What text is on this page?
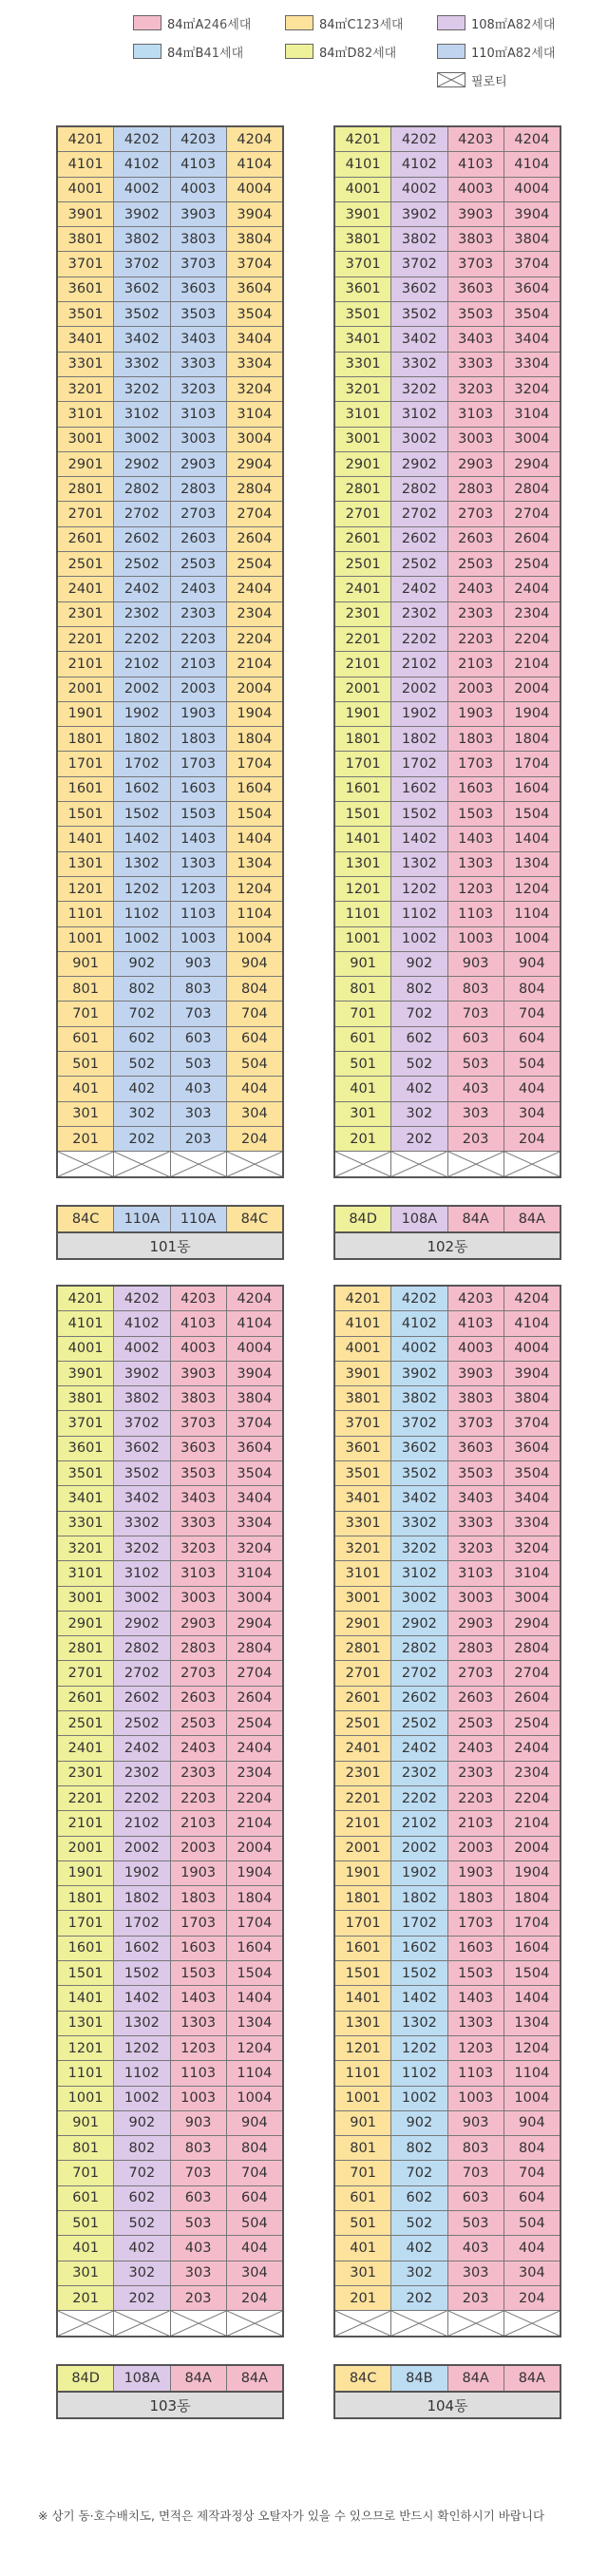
84㎡A 246세대	84㎡C 123세대	108㎡A 82세대
84㎡B 41세대	84㎡D 82세대	110㎡A 82세대
필로티
4201	4202	4203	4204
4101	4102	4103	4104
4001	4002	4003	4004
3901	3902	3903	3904
3801	3802	3803	3804
3701	3702	3703	3704
3601	3602	3603	3604
3501	3502	3503	3504
3401	3402	3403	3404
3301	3302	3303	3304
3201	3202	3203	3204
3101	3102	3103	3104
3001	3002	3003	3004
2901	2902	2903	2904
2801	2802	2803	2804
2701	2702	2703	2704
2601	2602	2603	2604
2501	2502	2503	2504
2401	2402	2403	2404
2301	2302	2303	2304
2201	2202	2203	2204
2101	2102	2103	2104
2001	2002	2003	2004
1901	1902	1903	1904
1801	1802	1803	1804
1701	1702	1703	1704
1601	1602	1603	1604
1501	1502	1503	1504
1401	1402	1403	1404
1301	1302	1303	1304
1201	1202	1203	1204
1101	1102	1103	1104
1001	1002	1003	1004
901	902	903	904
801	802	803	804
701	702	703	704
601	602	603	604
501	502	503	504
401	402	403	404
301	302	303	304
201	202	203	204
84C	110A	110A	84C
101동
4201	4202	4203	4204
4101	4102	4103	4104
4001	4002	4003	4004
3901	3902	3903	3904
3801	3802	3803	3804
3701	3702	3703	3704
3601	3602	3603	3604
3501	3502	3503	3504
3401	3402	3403	3404
3301	3302	3303	3304
3201	3202	3203	3204
3101	3102	3103	3104
3001	3002	3003	3004
2901	2902	2903	2904
2801	2802	2803	2804
2701	2702	2703	2704
2601	2602	2603	2604
2501	2502	2503	2504
2401	2402	2403	2404
2301	2302	2303	2304
2201	2202	2203	2204
2101	2102	2103	2104
2001	2002	2003	2004
1901	1902	1903	1904
1801	1802	1803	1804
1701	1702	1703	1704
1601	1602	1603	1604
1501	1502	1503	1504
1401	1402	1403	1404
1301	1302	1303	1304
1201	1202	1203	1204
1101	1102	1103	1104
1001	1002	1003	1004
901	902	903	904
801	802	803	804
701	702	703	704
601	602	603	604
501	502	503	504
401	402	403	404
301	302	303	304
201	202	203	204
84D	108A	84A	84A
102동
4201	4202	4203	4204
4101	4102	4103	4104
4001	4002	4003	4004
3901	3902	3903	3904
3801	3802	3803	3804
3701	3702	3703	3704
3601	3602	3603	3604
3501	3502	3503	3504
3401	3402	3403	3404
3301	3302	3303	3304
3201	3202	3203	3204
3101	3102	3103	3104
3001	3002	3003	3004
2901	2902	2903	2904
2801	2802	2803	2804
2701	2702	2703	2704
2601	2602	2603	2604
2501	2502	2503	2504
2401	2402	2403	2404
2301	2302	2303	2304
2201	2202	2203	2204
2101	2102	2103	2104
2001	2002	2003	2004
1901	1902	1903	1904
1801	1802	1803	1804
1701	1702	1703	1704
1601	1602	1603	1604
1501	1502	1503	1504
1401	1402	1403	1404
1301	1302	1303	1304
1201	1202	1203	1204
1101	1102	1103	1104
1001	1002	1003	1004
901	902	903	904
801	802	803	804
701	702	703	704
601	602	603	604
501	502	503	504
401	402	403	404
301	302	303	304
201	202	203	204
84D	108A	84A	84A
103동
4201	4202	4203	4204
4101	4102	4103	4104
4001	4002	4003	4004
3901	3902	3903	3904
3801	3802	3803	3804
3701	3702	3703	3704
3601	3602	3603	3604
3501	3502	3503	3504
3401	3402	3403	3404
3301	3302	3303	3304
3201	3202	3203	3204
3101	3102	3103	3104
3001	3002	3003	3004
2901	2902	2903	2904
2801	2802	2803	2804
2701	2702	2703	2704
2601	2602	2603	2604
2501	2502	2503	2504
2401	2402	2403	2404
2301	2302	2303	2304
2201	2202	2203	2204
2101	2102	2103	2104
2001	2002	2003	2004
1901	1902	1903	1904
1801	1802	1803	1804
1701	1702	1703	1704
1601	1602	1603	1604
1501	1502	1503	1504
1401	1402	1403	1404
1301	1302	1303	1304
1201	1202	1203	1204
1101	1102	1103	1104
1001	1002	1003	1004
901	902	903	904
801	802	803	804
701	702	703	704
601	602	603	604
501	502	503	504
401	402	403	404
301	302	303	304
201	202	203	204
84C	84B	84A	84A
104동
※ 상기 동·호수배치도, 면적은 제작과정상 오탈자가 있을 수 있으므로 반드시 확인하시기 바랍니다
